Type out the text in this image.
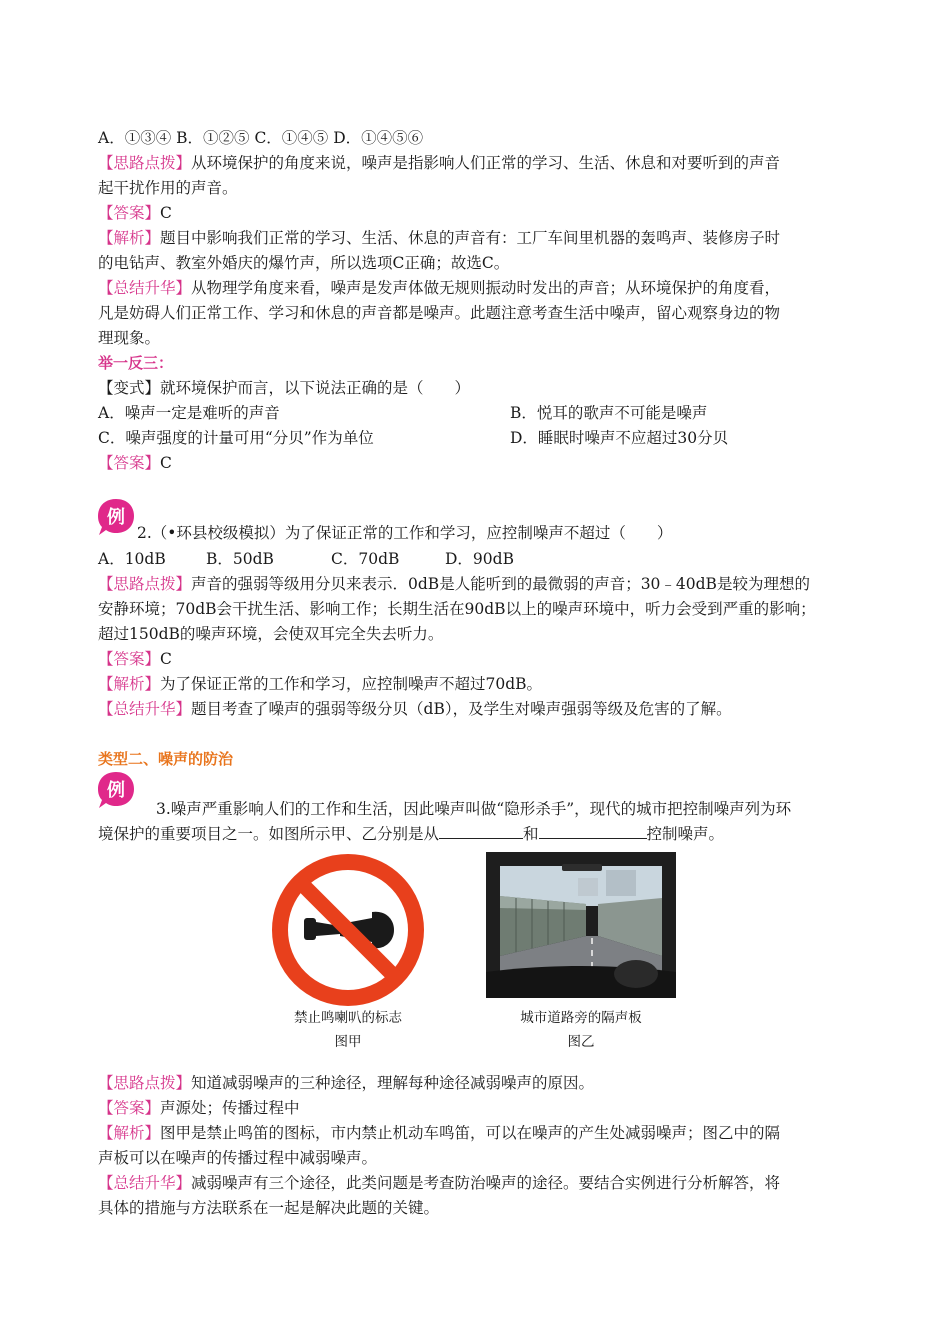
A．①③④ B．①②⑤ C．①④⑤ D．①④⑤⑥
【思路点拨】从环境保护的角度来说，噪声是指影响人们正常的学习、生活、休息和对要听到的声音
起干扰作用的声音。
【答案】C
【解析】题目中影响我们正常的学习、生活、休息的声音有：工厂车间里机器的轰鸣声、装修房子时
的电钻声、教室外婚庆的爆竹声，所以选项C正确；故选C。
【总结升华】从物理学角度来看，噪声是发声体做无规则振动时发出的声音；从环境保护的角度看，
凡是妨碍人们正常工作、学习和休息的声音都是噪声。此题注意考查生活中噪声，留心观察身边的物
理现象。
举一反三：
【变式】就环境保护而言，以下说法正确的是（　　）
A．噪声一定是难听的声音	B．悦耳的歌声不可能是噪声
C．噪声强度的计量可用“分贝”作为单位	D．睡眠时噪声不应超过30分贝
【答案】C
例
2.（•环县校级模拟）为了保证正常的工作和学习，应控制噪声不超过（　　）
A．10dB	B．50dB	C．70dB	D．90dB
【思路点拨】声音的强弱等级用分贝来表示．0dB是人能听到的最微弱的声音；30﹣40dB是较为理想的
安静环境；70dB会干扰生活、影响工作；长期生活在90dB以上的噪声环境中，听力会受到严重的影响；
超过150dB的噪声环境，会使双耳完全失去听力。
【答案】C
【解析】为了保证正常的工作和学习，应控制噪声不超过70dB。
【总结升华】题目考查了噪声的强弱等级分贝（dB），及学生对噪声强弱等级及危害的了解。
类型二、噪声的防治
例
3.噪声严重影响人们的工作和生活，因此噪声叫做“隐形杀手”，现代的城市把控制噪声列为环
境保护的重要项目之一。如图所示甲、乙分别是从	和	控制噪声。
禁止鸣喇叭的标志
图甲
城市道路旁的隔声板
图乙
【思路点拨】知道减弱噪声的三种途径，理解每种途径减弱噪声的原因。
【答案】声源处；传播过程中
【解析】图甲是禁止鸣笛的图标，市内禁止机动车鸣笛，可以在噪声的产生处减弱噪声；图乙中的隔
声板可以在噪声的传播过程中减弱噪声。
【总结升华】减弱噪声有三个途径，此类问题是考查防治噪声的途径。要结合实例进行分析解答，将
具体的措施与方法联系在一起是解决此题的关键。
